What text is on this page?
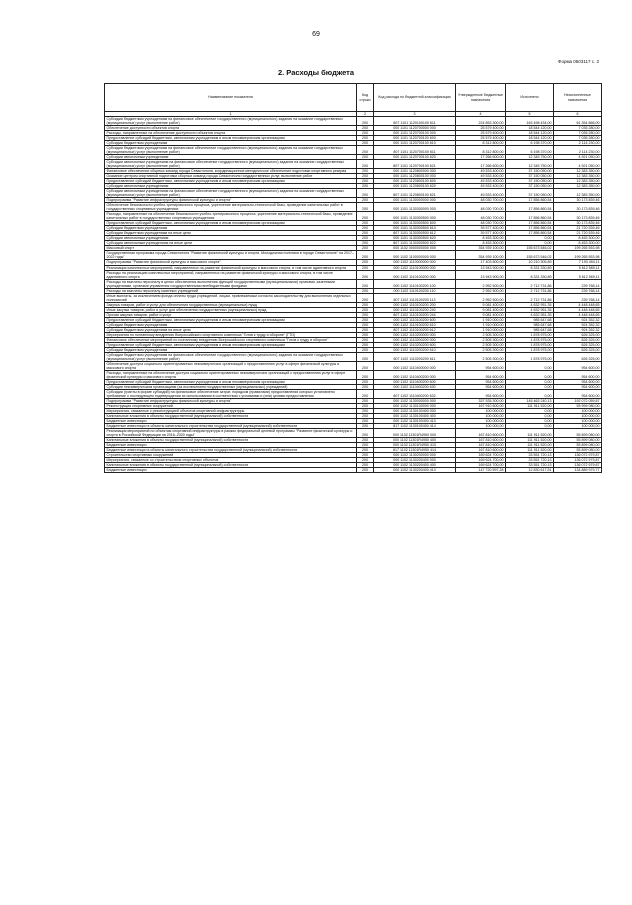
69
Форма 0503117 с. 2
2. Расходы бюджета
Наименование показателя	Код строки	Код расхода по бюджетной классификации	Утвержденные бюджетные назначения	Исполнено	Неисполненные назначения
1	2	3	4	5	6
Субсидии бюджетным учреждениям на финансовое обеспечение государственного (муниципального) задания на оказание государственных (муниципальных) услуг (выполнение работ)	200	807 1101 1120100100 611	224 853 300,00	163 498 434,00	61 354 866,00
Обеспечение доступности объектов спорта	200	000 1101 1120700000 000	25 579 400,00	18 544 120,00	7 035 280,00
Расходы, направленные на обеспечение доступности объектов спорта	200	000 1101 1120700100 000	25 579 400,00	18 544 120,00	7 035 280,00
Предоставление субсидий бюджетным, автономным учреждениям и иным некоммерческим организациям	200	000 1101 1120700100 600	25 579 400,00	18 544 120,00	7 035 280,00
Субсидии бюджетным учреждениям	200	000 1101 1120700100 610	8 312 800,00	6 198 370,00	2 114 230,00
Субсидии бюджетным учреждениям на финансовое обеспечение государственного (муниципального) задания на оказание государственных (муниципальных) услуг (выполнение работ)	200	807 1101 1120700100 611	8 312 800,00	6 198 370,00	2 114 230,00
Субсидии автономным учреждениям	200	000 1101 1120700100 620	17 266 600,00	12 345 750,00	4 921 050,00
Субсидии автономным учреждениям на финансовое обеспечение государственного (муниципального) задания на оказание государственных (муниципальных) услуг (выполнение работ)	200	807 1101 1120700100 621	17 266 600,00	12 345 750,00	4 921 050,00
Финансовое обеспечение сборных команд города Севастополя, координационное методическое обеспечение подготовки спортивного резерва	200	000 1101 1120800000 000	49 533 400,00	37 150 050,00	12 383 350,00
Оказание центром спортивной подготовки сборных команд города Севастополя государственных услуг, выполнение работ	200	000 1101 1120800100 000	49 533 400,00	37 150 050,00	12 383 350,00
Предоставление субсидий бюджетным, автономным учреждениям и иным некоммерческим организациям	200	000 1101 1120800100 600	49 533 400,00	37 150 050,00	12 383 350,00
Субсидии автономным учреждениям	200	000 1101 1120800100 620	49 533 400,00	37 150 050,00	12 383 350,00
Субсидии автономным учреждениям на финансовое обеспечение государственного (муниципального) задания на оказание государственных (муниципальных) услуг (выполнение работ)	200	807 1101 1120800100 621	49 533 400,00	37 150 050,00	12 383 350,00
Подпрограмма "Развитие инфраструктуры физической культуры и спорта"	200	000 1101 1130000000 000	48 030 700,00	17 856 860,54	30 173 839,46
Обеспечение безопасности учебно-тренировочного процесса, укрепление материально-технической базы, проведение капитальных работ в государственных спортивных учреждениях	200	000 1101 1130300000 000	48 030 700,00	17 856 860,54	30 173 839,46
Расходы, направленные на обеспечение безопасности учебно-тренировочного процесса, укрепление материально-технической базы, проведение капитальных работ в государственных спортивных учреждениях	200	000 1101 1130300500 000	48 030 700,00	17 856 860,54	30 173 839,46
Предоставление субсидий бюджетным, автономным учреждениям и иным некоммерческим организациям	200	000 1101 1130300500 600	48 030 700,00	17 856 860,54	30 173 839,46
Субсидии бюджетным учреждениям	200	000 1101 1130300500 610	39 577 400,00	17 856 860,54	21 720 539,46
Субсидии бюджетным учреждениям на иные цели	200	807 1101 1130300500 612	39 577 400,00	17 856 860,54	21 720 539,46
Субсидии автономным учреждениям	200	000 1101 1130300500 620	8 453 300,00	0,00	8 453 300,00
Субсидии автономным учреждениям на иные цели	200	807 1101 1130300500 622	8 453 300,00	0,00	8 453 300,00
Массовый спорт	200	000 1102 0000000000 000	354 939 100,00	155 673 546,02	199 265 553,98
Государственная программа города Севастополя "Развитие физической культуры и спорта. Молодежная политика в городе Севастополе" на 2017–2022 годы"	200	000 1102 1100000000 000	354 939 100,00	155 673 546,02	199 265 553,98
Подпрограмма "Развитие физической культуры и массового спорта"	200	000 1102 1110000000 000	17 403 800,00	10 210 305,89	7 193 494,11
Реализация комплексных мероприятий, направленных на развитие физической культуры и массового спорта, в том числе адаптивного спорта	200	000 1102 1110100000 000	13 943 900,00	8 331 330,89	5 612 569,11
Расходы на реализацию комплексных мероприятий, направленных на развитие физической культуры и массового спорта, в том числе адаптивного спорта	200	000 1102 1110100200 000	13 943 900,00	8 331 330,89	5 612 569,11
Расходы на выплаты персоналу в целях обеспечения выполнения функций государственными (муниципальными) органами, казенными учреждениями, органами управления государственными внебюджетными фондами	200	000 1102 1110100200 100	2 952 500,00	2 712 731,86	239 768,14
Расходы на выплаты персоналу казенных учреждений	200	000 1102 1110100200 110	2 952 500,00	2 712 731,86	239 768,14
Иные выплаты, за исключением фонда оплаты труда учреждений, лицам, привлекаемым согласно законодательству для выполнения отдельных полномочий	200	807 1102 1110100200 113	2 952 500,00	2 712 731,86	239 768,14
Закупка товаров, работ и услуг для обеспечения государственных (муниципальных) нужд	200	000 1102 1110100200 200	9 081 400,00	4 632 951,35	4 448 448,65
Иные закупки товаров, работ и услуг для обеспечения государственных (муниципальных) нужд	200	000 1102 1110100200 240	9 081 400,00	4 632 951,35	4 448 448,65
Прочая закупка товаров, работ и услуг	200	807 1102 1110100200 244	9 081 400,00	4 632 951,35	4 448 448,65
Предоставление субсидий бюджетным, автономным учреждениям и иным некоммерческим организациям	200	000 1102 1110100200 600	1 910 000,00	985 647,68	924 352,32
Субсидии бюджетным учреждениям	200	000 1102 1110100200 610	1 910 000,00	985 647,68	924 352,32
Субсидии бюджетным учреждениям на иные цели	200	807 1102 1110100200 612	1 910 000,00	985 647,68	924 352,32
Мероприятия по поэтапному внедрению Всероссийского спортивного комплекса "Готов к труду и обороне" (ГТО)	200	000 1102 1110200000 000	2 505 300,00	1 878 975,00	626 325,00
Финансовое обеспечение мероприятий по поэтапному внедрению Всероссийского спортивного комплекса "Готов к труду и обороне"	200	000 1102 1110200200 000	2 505 300,00	1 878 975,00	626 325,00
Предоставление субсидий бюджетным, автономным учреждениям и иным некоммерческим организациям	200	000 1102 1110200200 600	2 505 300,00	1 878 975,00	626 325,00
Субсидии бюджетным учреждениям	200	000 1102 1110200200 610	2 505 300,00	1 878 975,00	626 325,00
Субсидии бюджетным учреждениям на финансовое обеспечение государственного (муниципального) задания на оказание государственных (муниципальных) услуг (выполнение работ)	200	807 1102 1110200200 611	2 505 300,00	1 878 975,00	626 325,00
Обеспечение доступа социально ориентированных некоммерческих организаций к предоставлению услуг в сфере физической культуры и массового спорта	200	000 1102 1110400000 000	954 600,00	0,00	954 600,00
Расходы, направленные на обеспечение доступа социально ориентированных некоммерческих организаций к предоставлению услуг в сфере физической культуры и массового спорта	200	000 1102 1110400200 000	954 600,00	0,00	954 600,00
Предоставление субсидий бюджетным, автономным учреждениям и иным некоммерческим организациям	200	000 1102 1110400200 600	954 600,00	0,00	954 600,00
Субсидии некоммерческим организациям (за исключением государственных (муниципальных) учреждений)	200	000 1102 1110400200 630	954 600,00	0,00	954 600,00
Субсидии (гранты в форме субсидий) на финансовое обеспечение затрат, порядком (правилами) предоставления которых установлено требование о последующем подтверждении их использования в соответствии с условиями и (или) целями предоставления	200	807 1102 1110400200 632	954 600,00	0,00	954 600,00
Подпрограмма "Развитие инфраструктуры физической культуры и спорта"	200	000 1102 1130000000 000	337 535 300,00	145 463 240,13	192 072 059,87
Реконструкция спортивных сооружений	200	000 1102 1130100000 000	167 910 600,00	111 911 520,00	55 999 080,00
Мероприятия, связанные с реконструкцией объектов спортивной инфраструктуры	200	000 1102 1130100400 000	100 000,00	0,00	100 000,00
Капитальные вложения в объекты государственной (муниципальной) собственности	200	000 1102 1130100400 400	100 000,00	0,00	100 000,00
Бюджетные инвестиции	200	000 1102 1130100400 410	100 000,00	0,00	100 000,00
Бюджетные инвестиции в объекты капитального строительства государственной (муниципальной) собственности	200	817 1102 1130100400 414	100 000,00	0,00	100 000,00
Реализация мероприятий по объектам спортивной инфраструктуры в рамках федеральной целевой программы "Развитие физической культуры и спорта в Российской Федерации на 2016–2020 годы"	200	000 1102 11301R4950 000	167 810 600,00	111 911 520,00	55 899 080,00
Капитальные вложения в объекты государственной (муниципальной) собственности	200	000 1102 11301R4950 400	167 810 600,00	111 911 520,00	55 899 080,00
Бюджетные инвестиции	200	000 1102 11301R4950 410	167 810 600,00	111 911 520,00	55 899 080,00
Бюджетные инвестиции в объекты капитального строительства государственной (муниципальной) собственности	200	817 1102 11301R4950 414	167 810 600,00	111 911 520,00	55 899 080,00
Строительство спортивных сооружений	200	000 1102 1130200000 000	169 624 700,00	33 551 720,13	136 072 979,87
Мероприятия, связанные со строительством спортивных объектов	200	000 1102 1130200400 000	169 624 700,00	33 551 720,13	136 072 979,87
Капитальные вложения в объекты государственной (муниципальной) собственности	200	000 1102 1130200400 400	169 624 700,00	33 551 720,13	136 072 979,87
Бюджетные инвестиции	200	000 1102 1130200400 410	147 720 597,28	12 830 617,51	134 889 979,77
